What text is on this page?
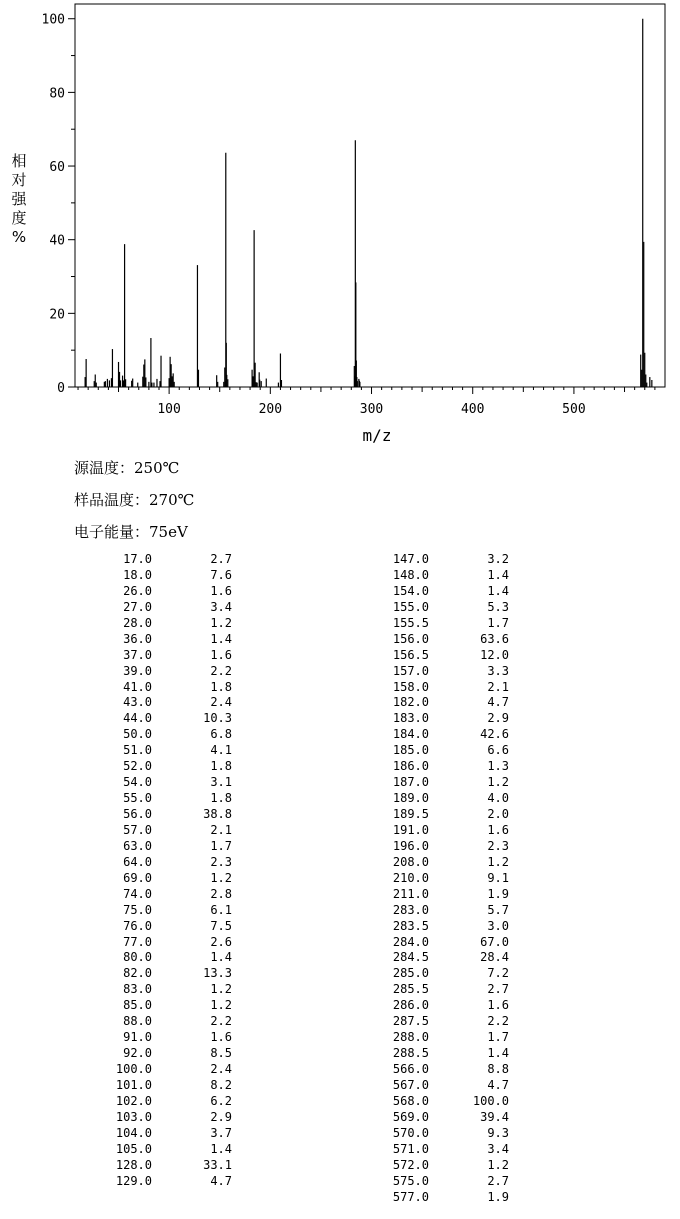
100	200	300	400	500
0
20
40
60
80
100
m/z
相
对
强
度
%
源温度：250℃
样品温度：270℃
电子能量：75eV
17.0	2.7
18.0	7.6
26.0	1.6
27.0	3.4
28.0	1.2
36.0	1.4
37.0	1.6
39.0	2.2
41.0	1.8
43.0	2.4
44.0	10.3
50.0	6.8
51.0	4.1
52.0	1.8
54.0	3.1
55.0	1.8
56.0	38.8
57.0	2.1
63.0	1.7
64.0	2.3
69.0	1.2
74.0	2.8
75.0	6.1
76.0	7.5
77.0	2.6
80.0	1.4
82.0	13.3
83.0	1.2
85.0	1.2
88.0	2.2
91.0	1.6
92.0	8.5
100.0	2.4
101.0	8.2
102.0	6.2
103.0	2.9
104.0	3.7
105.0	1.4
128.0	33.1
129.0	4.7
147.0	3.2
148.0	1.4
154.0	1.4
155.0	5.3
155.5	1.7
156.0	63.6
156.5	12.0
157.0	3.3
158.0	2.1
182.0	4.7
183.0	2.9
184.0	42.6
185.0	6.6
186.0	1.3
187.0	1.2
189.0	4.0
189.5	2.0
191.0	1.6
196.0	2.3
208.0	1.2
210.0	9.1
211.0	1.9
283.0	5.7
283.5	3.0
284.0	67.0
284.5	28.4
285.0	7.2
285.5	2.7
286.0	1.6
287.5	2.2
288.0	1.7
288.5	1.4
566.0	8.8
567.0	4.7
568.0	100.0
569.0	39.4
570.0	9.3
571.0	3.4
572.0	1.2
575.0	2.7
577.0	1.9
